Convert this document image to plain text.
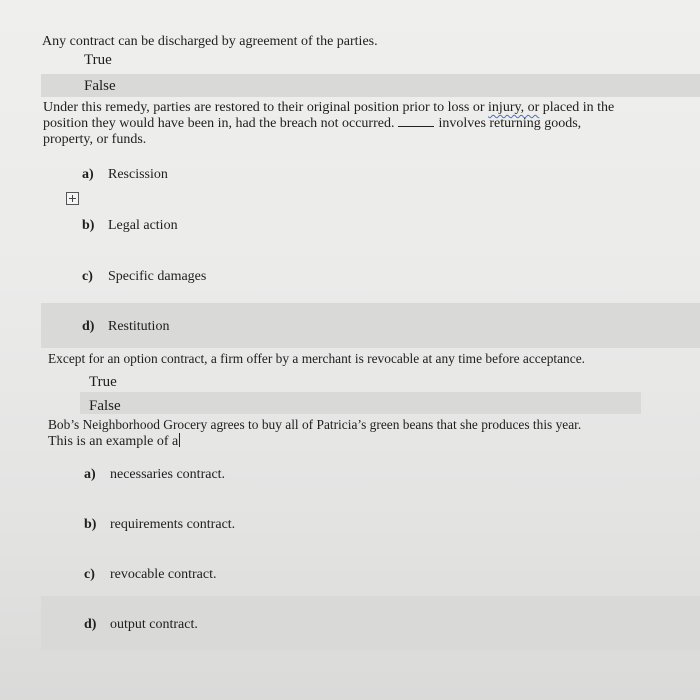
Any contract can be discharged by agreement of the parties.

True
False

Under this remedy, parties are restored to their original position prior to loss or injury, or placed in the

position they would have been in, had the breach not occurred.	involves returning goods,

property, or funds.

a) Rescission
b) Legal action
c) Specific damages
d) Restitution

Except for an option contract, a firm offer by a merchant is revocable at any time before acceptance.

True
False

Bob’s Neighborhood Grocery agrees to buy all of Patricia’s green beans that she produces this year.

This is an example of a

a) necessaries contract.
b) requirements contract.
c) revocable contract.
d) output contract.
